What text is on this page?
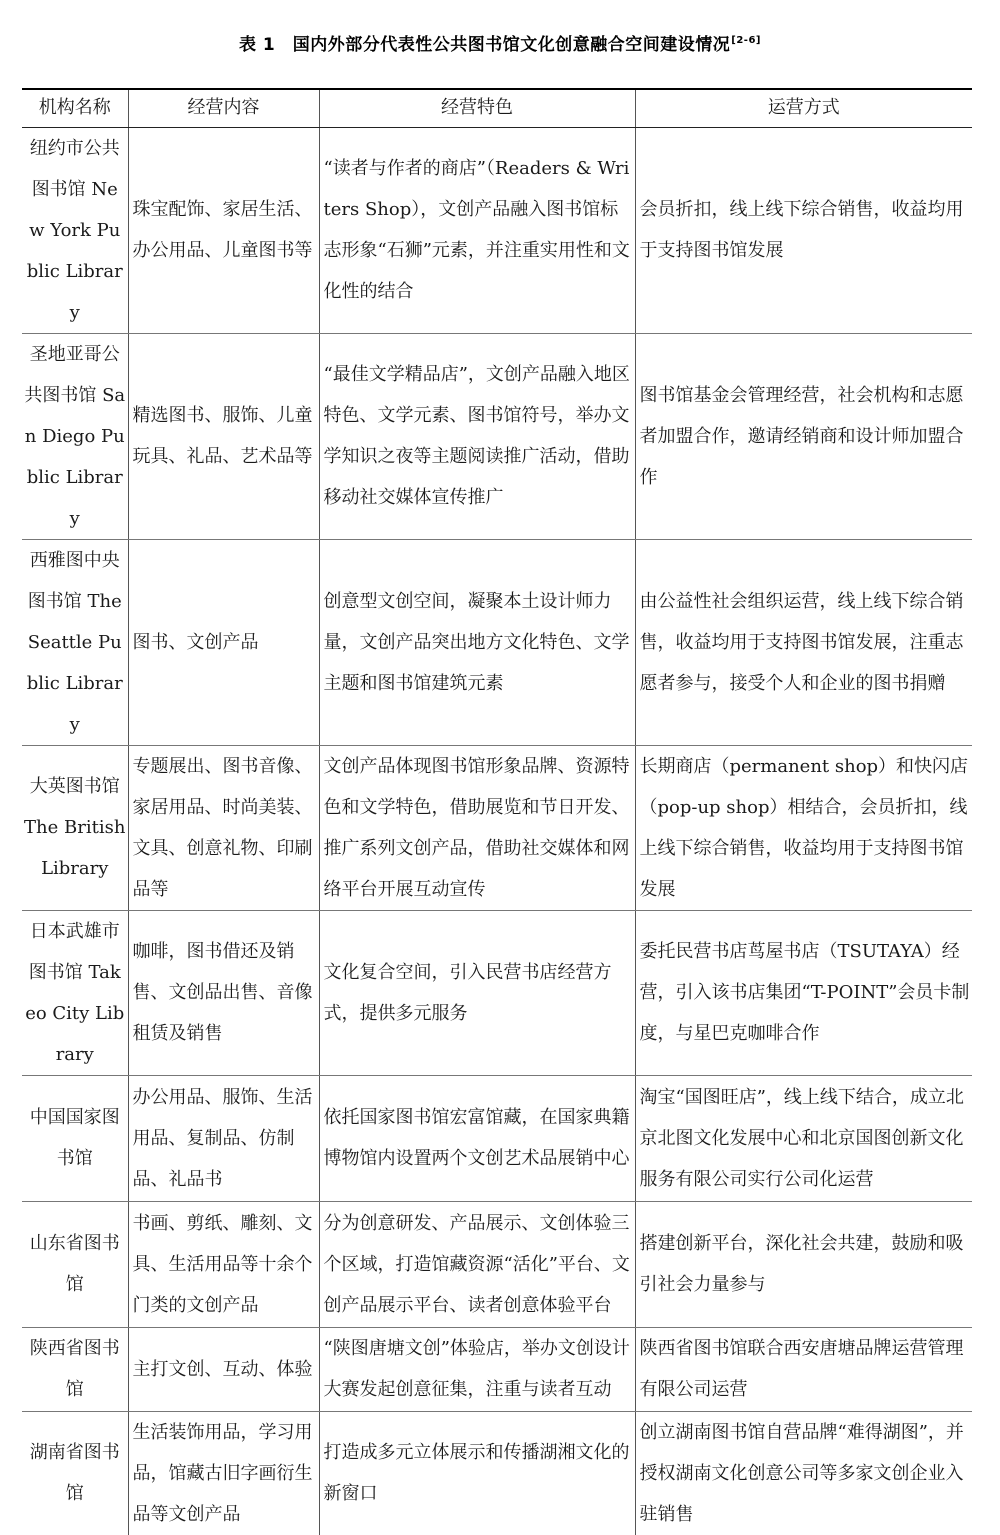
表 1　国内外部分代表性公共图书馆文化创意融合空间建设情况[2-6]
机构名称	经营内容	经营特色	运营方式
纽约市公共图书馆 New York Public Library	珠宝配饰、家居生活、办公用品、儿童图书等	“读者与作者的商店”（Readers & Writers Shop），文创产品融入图书馆标志形象“石狮”元素，并注重实用性和文化性的结合	会员折扣，线上线下综合销售，收益均用于支持图书馆发展
圣地亚哥公共图书馆 San Diego Public Library	精选图书、服饰、儿童玩具、礼品、艺术品等	“最佳文学精品店”，文创产品融入地区特色、文学元素、图书馆符号，举办文学知识之夜等主题阅读推广活动，借助移动社交媒体宣传推广	图书馆基金会管理经营，社会机构和志愿者加盟合作，邀请经销商和设计师加盟合作
西雅图中央图书馆 The Seattle Public Library	图书、文创产品	创意型文创空间，凝聚本土设计师力量，文创产品突出地方文化特色、文学主题和图书馆建筑元素	由公益性社会组织运营，线上线下综合销售，收益均用于支持图书馆发展，注重志愿者参与，接受个人和企业的图书捐赠
大英图书馆 The British Library	专题展出、图书音像、家居用品、时尚美装、文具、创意礼物、印刷品等	文创产品体现图书馆形象品牌、资源特色和文学特色，借助展览和节日开发、推广系列文创产品，借助社交媒体和网络平台开展互动宣传	长期商店（permanent shop）和快闪店（pop-up shop）相结合，会员折扣，线上线下综合销售，收益均用于支持图书馆发展
日本武雄市图书馆 Takeo City Library	咖啡，图书借还及销售、文创品出售、音像租赁及销售	文化复合空间，引入民营书店经营方式，提供多元服务	委托民营书店茑屋书店（TSUTAYA）经营，引入该书店集团“T-POINT”会员卡制度，与星巴克咖啡合作
中国国家图书馆	办公用品、服饰、生活用品、复制品、仿制品、礼品书	依托国家图书馆宏富馆藏，在国家典籍博物馆内设置两个文创艺术品展销中心	淘宝“国图旺店”，线上线下结合，成立北京北图文化发展中心和北京国图创新文化服务有限公司实行公司化运营
山东省图书馆	书画、剪纸、雕刻、文具、生活用品等十余个门类的文创产品	分为创意研发、产品展示、文创体验三个区域，打造馆藏资源“活化”平台、文创产品展示平台、读者创意体验平台	搭建创新平台，深化社会共建，鼓励和吸引社会力量参与
陕西省图书馆	主打文创、互动、体验	“陕图唐塘文创”体验店，举办文创设计大赛发起创意征集，注重与读者互动	陕西省图书馆联合西安唐塘品牌运营管理有限公司运营
湖南省图书馆	生活装饰用品，学习用品，馆藏古旧字画衍生品等文创产品	打造成多元立体展示和传播湖湘文化的新窗口	创立湖南图书馆自营品牌“难得湖图”，并授权湖南文化创意公司等多家文创企业入驻销售
